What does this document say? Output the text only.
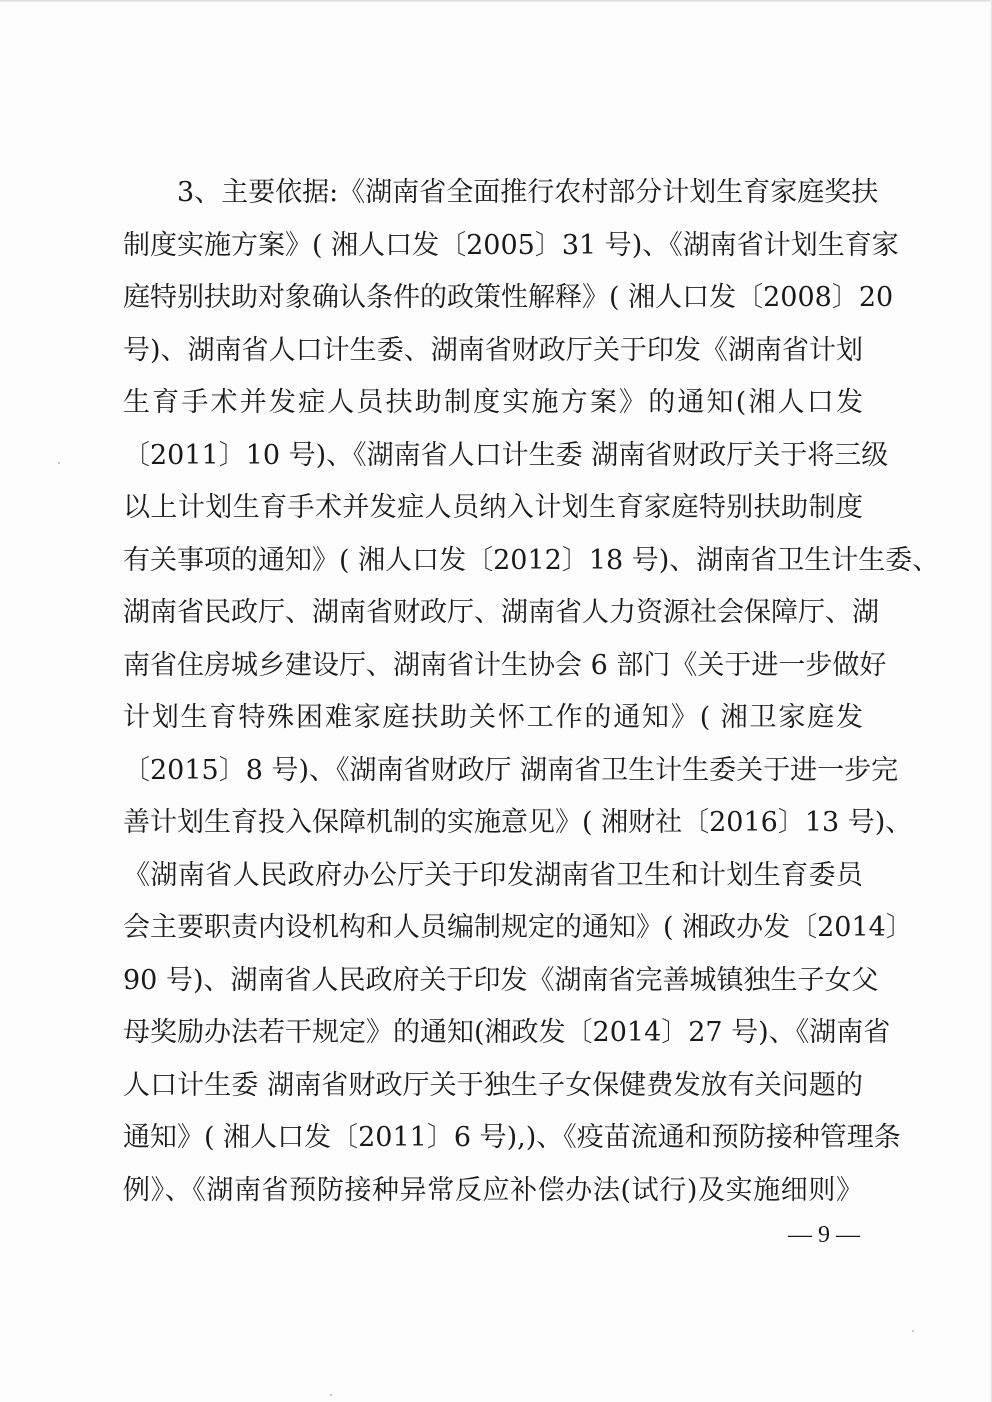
3、主要依据:《湖南省全面推行农村部分计划生育家庭奖扶
制度实施方案》( 湘人口发〔2005〕31 号)、《湖南省计划生育家
庭特别扶助对象确认条件的政策性解释》( 湘人口发〔2008〕20
号)、湖南省人口计生委、湖南省财政厅关于印发《湖南省计划
生育手术并发症人员扶助制度实施方案》的通知(湘人口发
〔2011〕10 号)、《湖南省人口计生委 湖南省财政厅关于将三级
以上计划生育手术并发症人员纳入计划生育家庭特别扶助制度
有关事项的通知》( 湘人口发〔2012〕18 号)、湖南省卫生计生委、
湖南省民政厅、湖南省财政厅、湖南省人力资源社会保障厅、湖
南省住房城乡建设厅、湖南省计生协会 6 部门《关于进一步做好
计划生育特殊困难家庭扶助关怀工作的通知》( 湘卫家庭发
〔2015〕8 号)、《湖南省财政厅 湖南省卫生计生委关于进一步完
善计划生育投入保障机制的实施意见》( 湘财社〔2016〕13 号)、
《湖南省人民政府办公厅关于印发湖南省卫生和计划生育委员
会主要职责内设机构和人员编制规定的通知》( 湘政办发〔2014〕
90 号)、湖南省人民政府关于印发《湖南省完善城镇独生子女父
母奖励办法若干规定》的通知(湘政发〔2014〕27 号)、《湖南省
人口计生委 湖南省财政厅关于独生子女保健费发放有关问题的
通知》( 湘人口发〔2011〕6 号),)、《疫苗流通和预防接种管理条
例》、《湖南省预防接种异常反应补偿办法(试行)及实施细则》
— 9 —
